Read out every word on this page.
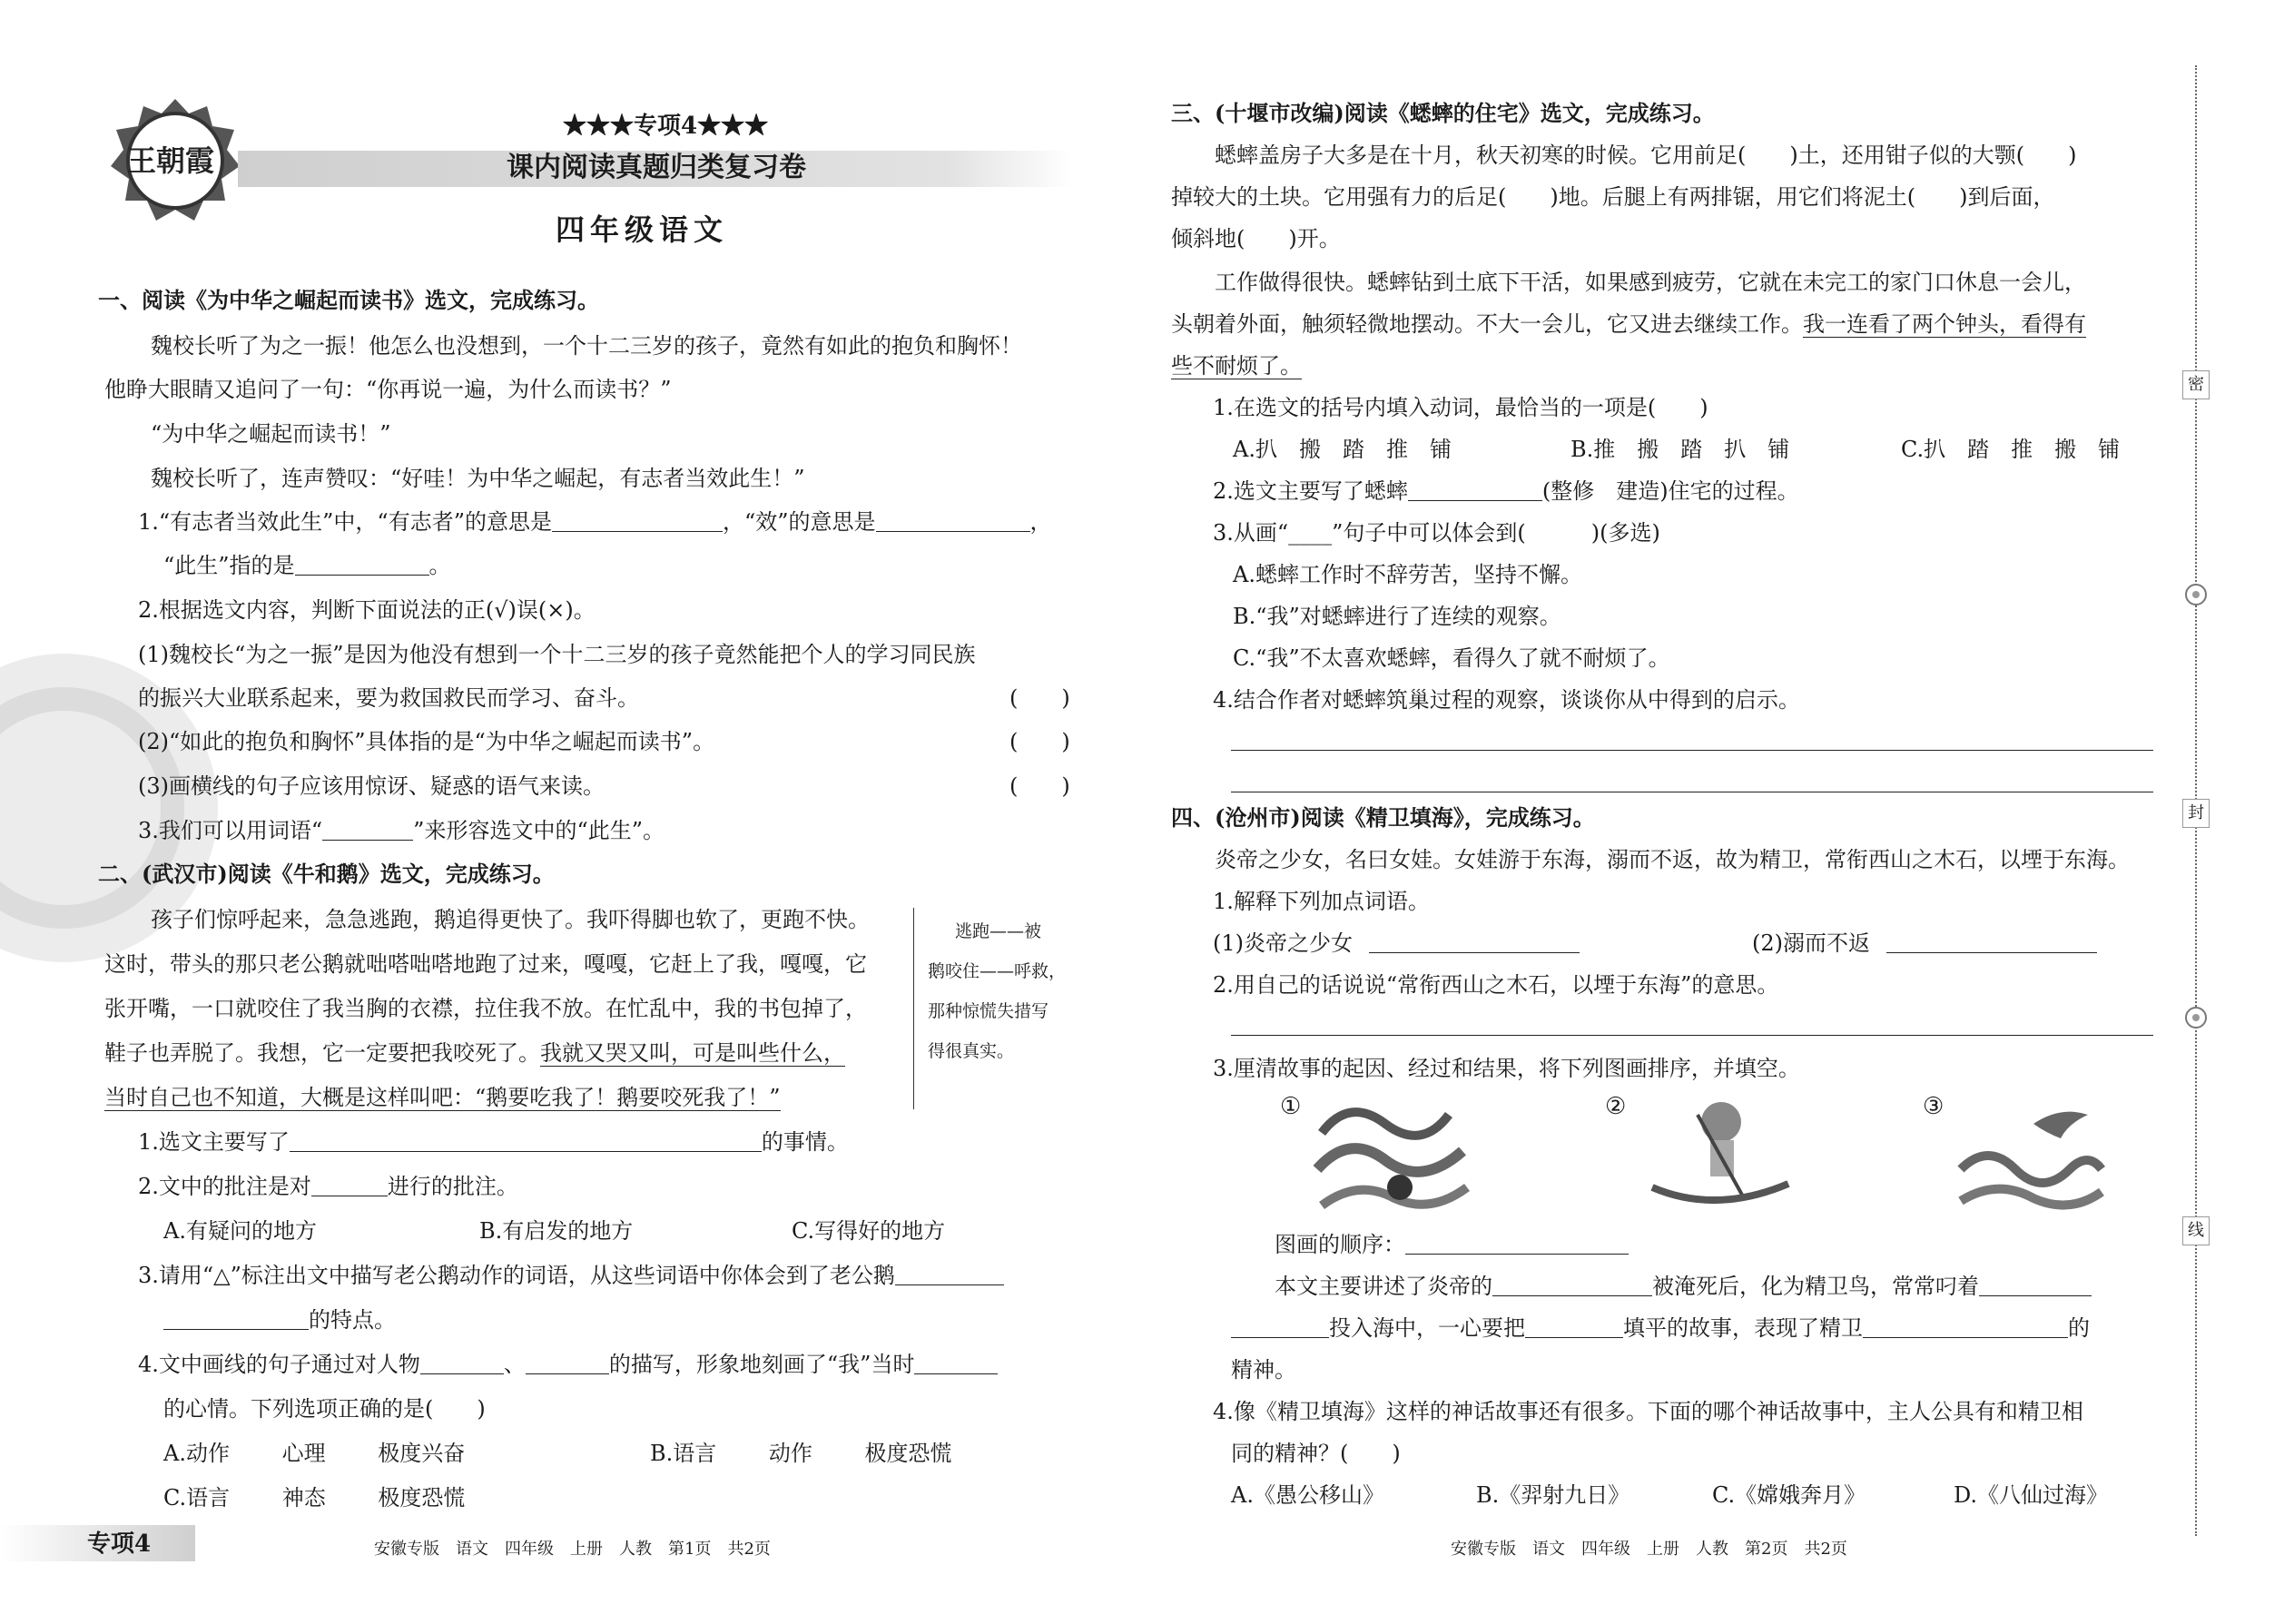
王朝霞
★★★专项4★★★
课内阅读真题归类复习卷
四年级语文
一、阅读《为中华之崛起而读书》选文，完成练习。
魏校长听了为之一振！他怎么也没想到，一个十二三岁的孩子，竟然有如此的抱负和胸怀！
他睁大眼睛又追问了一句：“你再说一遍，为什么而读书？”
“为中华之崛起而读书！”
魏校长听了，连声赞叹：“好哇！为中华之崛起，有志者当效此生！”
1.“有志者当效此生”中，“有志者”的意思是	，“效”的意思是	，
“此生”指的是	。
2.根据选文内容，判断下面说法的正(√)误(×)。
(1)魏校长“为之一振”是因为他没有想到一个十二三岁的孩子竟然能把个人的学习同民族
的振兴大业联系起来，要为救国救民而学习、奋斗。	(　　)
(2)“如此的抱负和胸怀”具体指的是“为中华之崛起而读书”。	(　　)
(3)画横线的句子应该用惊讶、疑惑的语气来读。	(　　)
3.我们可以用词语“	”来形容选文中的“此生”。
二、(武汉市)阅读《牛和鹅》选文，完成练习。
孩子们惊呼起来，急急逃跑，鹅追得更快了。我吓得脚也软了，更跑不快。
这时，带头的那只老公鹅就咄嗒咄嗒地跑了过来，嘎嘎，它赶上了我，嘎嘎，它
张开嘴，一口就咬住了我当胸的衣襟，拉住我不放。在忙乱中，我的书包掉了，
鞋子也弄脱了。我想，它一定要把我咬死了。我就又哭又叫，可是叫些什么，
当时自己也不知道，大概是这样叫吧：“鹅要吃我了！鹅要咬死我了！”
逃跑——被
鹅咬住——呼救，
那种惊慌失措写
得很真实。
1.选文主要写了	的事情。
2.文中的批注是对	进行的批注。
A.有疑问的地方	B.有启发的地方	C.写得好的地方
3.请用“△”标注出文中描写老公鹅动作的词语，从这些词语中你体会到了老公鹅
的特点。
4.文中画线的句子通过对人物	、	的描写，形象地刻画了“我”当时
的心情。下列选项正确的是(　　)
A.动作 心理 极度兴奋	B.语言 动作 极度恐慌
C.语言 神态 极度恐慌
专项4	安徽专版　语文　四年级　上册　人教　第1页　共2页
三、(十堰市改编)阅读《蟋蟀的住宅》选文，完成练习。
蟋蟀盖房子大多是在十月，秋天初寒的时候。它用前足(　　)土，还用钳子似的大颚(　　)
掉较大的土块。它用强有力的后足(　　)地。后腿上有两排锯，用它们将泥土(　　)到后面，
倾斜地(　　)开。
工作做得很快。蟋蟀钻到土底下干活，如果感到疲劳，它就在未完工的家门口休息一会儿，
头朝着外面，触须轻微地摆动。不大一会儿，它又进去继续工作。我一连看了两个钟头，看得有
些不耐烦了。
1.在选文的括号内填入动词，最恰当的一项是(　　)
A.扒　搬　踏　推　铺	B.推　搬　踏　扒　铺	C.扒　踏　推　搬　铺
2.选文主要写了蟋蟀	(整修　建造)住宅的过程。
3.从画“____”句子中可以体会到(　　　)(多选)
A.蟋蟀工作时不辞劳苦，坚持不懈。
B.“我”对蟋蟀进行了连续的观察。
C.“我”不太喜欢蟋蟀，看得久了就不耐烦了。
4.结合作者对蟋蟀筑巢过程的观察，谈谈你从中得到的启示。
四、(沧州市)阅读《精卫填海》，完成练习。
炎帝之少女，名曰女娃。女娃游于东海，溺而不返，故为精卫，常衔西山之木石，以堙于东海。
1.解释下列加点词语。
(1)炎帝之少女	(2)溺而不返
2.用自己的话说说“常衔西山之木石，以堙于东海”的意思。
3.厘清故事的起因、经过和结果，将下列图画排序，并填空。
①	②	③
图画的顺序：
本文主要讲述了炎帝的	被淹死后，化为精卫鸟，常常叼着
投入海中，一心要把	填平的故事，表现了精卫	的
精神。
4.像《精卫填海》这样的神话故事还有很多。下面的哪个神话故事中，主人公具有和精卫相
同的精神？(　　)
A.《愚公移山》	B.《羿射九日》	C.《嫦娥奔月》	D.《八仙过海》
密
封
线
安徽专版　语文　四年级　上册　人教　第2页　共2页
